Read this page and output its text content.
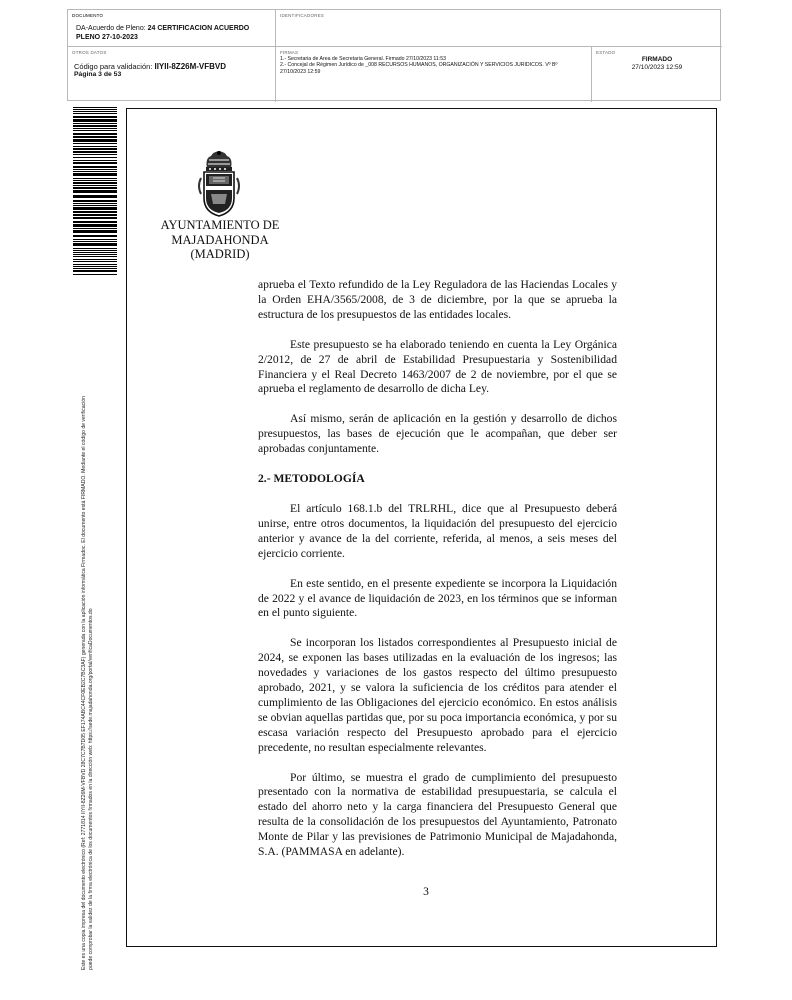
DOCUMENTO
DA-Acuerdo de Pleno: 24 CERTIFICACION ACUERDO
PLENO 27-10-2023
IDENTIFICADORES
OTROS DATOS
Código para validación: IIYII-8Z26M-VFBVD
Página 3 de 53
FIRMAS
1.- Secretaria de Area de Secretaria General. Firmado 27/10/2023 11:53
2.- Concejal de Régimen Jurídico de _008 RECURSOS HUMANOS, ORGANIZACIÓN Y SERVICIOS JURIDICOS. Vº Bº
27/10/2023 12:59
ESTADO
FIRMADO
27/10/2023 12:59
Este es una copia impresa del documento electrónico (Ref: 2771814 IIYII-8Z26M-VFBVD 28C7C7B7D05 EF174ABC44CF0EB2C7BC3AF) generada con la aplicación informática Firmadoc. El documento está FIRMADO. Mediante el código de verificación puede comprobar la validez de la firma electrónica de los documentos firmados en la dirección web: https://sede.majadahonda.org/portal/verificaDocumentos.do
AYUNTAMIENTO DE
MAJADAHONDA
(MADRID)

aprueba el Texto refundido de la Ley Reguladora de las Haciendas Locales y la Orden EHA/3565/2008, de 3 de diciembre, por la que se aprueba la estructura de los presupuestos de las entidades locales.

Este presupuesto se ha elaborado teniendo en cuenta la Ley Orgánica 2/2012, de 27 de abril de Estabilidad Presupuestaria y Sostenibilidad Financiera y el Real Decreto 1463/2007 de 2 de noviembre, por el que se aprueba el reglamento de desarrollo de dicha Ley.

Así mismo, serán de aplicación en la gestión y desarrollo de dichos presupuestos, las bases de ejecución que le acompañan, que deber ser aprobadas conjuntamente.

2.- METODOLOGÍA

El artículo 168.1.b del TRLRHL, dice que al Presupuesto deberá unirse, entre otros documentos, la liquidación del presupuesto del ejercicio anterior y avance de la del corriente, referida, al menos, a seis meses del ejercicio corriente.

En este sentido, en el presente expediente se incorpora la Liquidación de 2022 y el avance de liquidación de 2023, en los términos que se informan en el punto siguiente.

Se incorporan los listados correspondientes al Presupuesto inicial de 2024, se exponen las bases utilizadas en la evaluación de los ingresos; las novedades y variaciones de los gastos respecto del último presupuesto aprobado, 2021, y se valora la suficiencia de los créditos para atender el cumplimiento de las Obligaciones del ejercicio económico. En estos análisis se obvian aquellas partidas que, por su poca importancia económica, y por su escasa variación respecto del Presupuesto aprobado para el ejercicio precedente, no resultan especialmente relevantes.

Por último, se muestra el grado de cumplimiento del presupuesto presentado con la normativa de estabilidad presupuestaria, se calcula el estado del ahorro neto y la carga financiera del Presupuesto General que resulta de la consolidación de los presupuestos del Ayuntamiento, Patronato Monte de Pilar y las previsiones de Patrimonio Municipal de Majadahonda, S.A. (PAMMASA en adelante).

3
